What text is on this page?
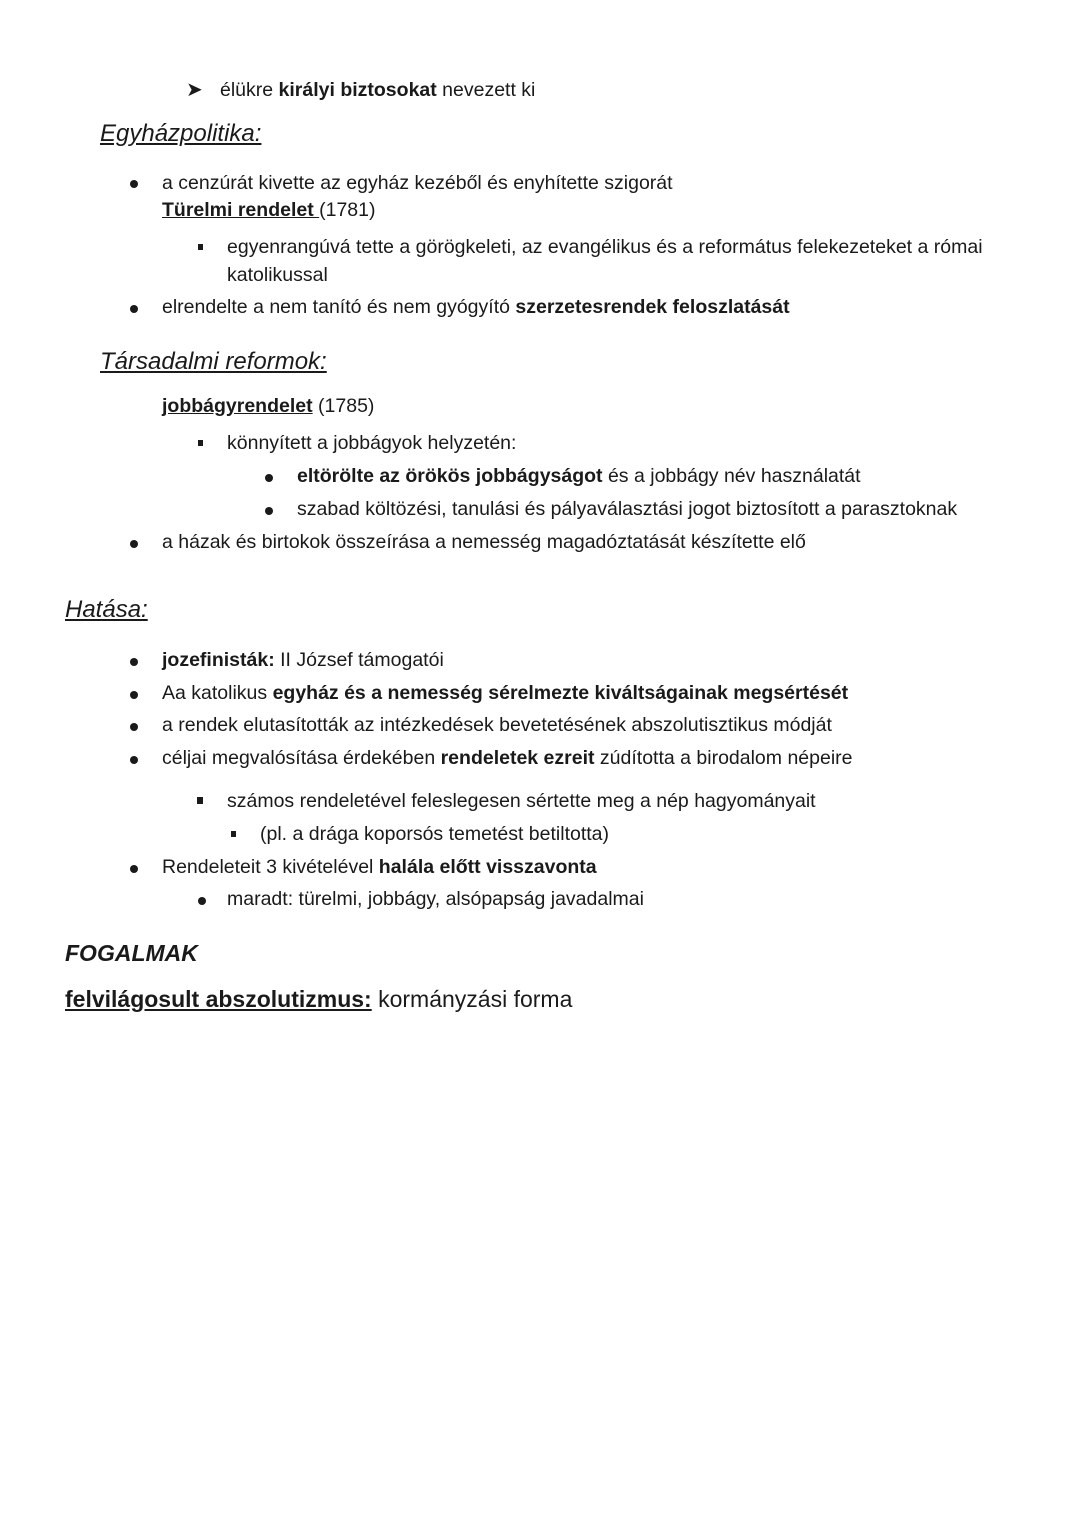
➤ élükre királyi biztosokat nevezett ki
Egyházpolitika:
a cenzúrát kivette az egyház kezéből és enyhítette szigorát
Türelmi rendelet (1781)
egyenrangúvá tette a görögkeleti, az evangélikus és a református felekezeteket a római
katolikussal
elrendelte a nem tanító és nem gyógyító szerzetesrendek feloszlatását
Társadalmi reformok:
jobbágyrendelet (1785)
könnyített a jobbágyok helyzetén:
eltörölte az örökös jobbágyságot és a jobbágy név használatát
szabad költözési, tanulási és pályaválasztási jogot biztosított a parasztoknak
a házak és birtokok összeírása a nemesség magadóztatását készítette elő
Hatása:
jozefinisták: II József támogatói
Aa katolikus egyház és a nemesség sérelmezte kiváltságainak megsértését
a rendek elutasították az intézkedések bevetetésének abszolutisztikus módját
céljai megvalósítása érdekében rendeletek ezreit zúdította a birodalom népeire
számos rendeletével feleslegesen sértette meg a nép hagyományait
(pl. a drága koporsós temetést betiltotta)
Rendeleteit 3 kivételével halála előtt visszavonta
maradt: türelmi, jobbágy, alsópapság javadalmai
FOGALMAK
felvilágosult abszolutizmus: kormányzási forma
